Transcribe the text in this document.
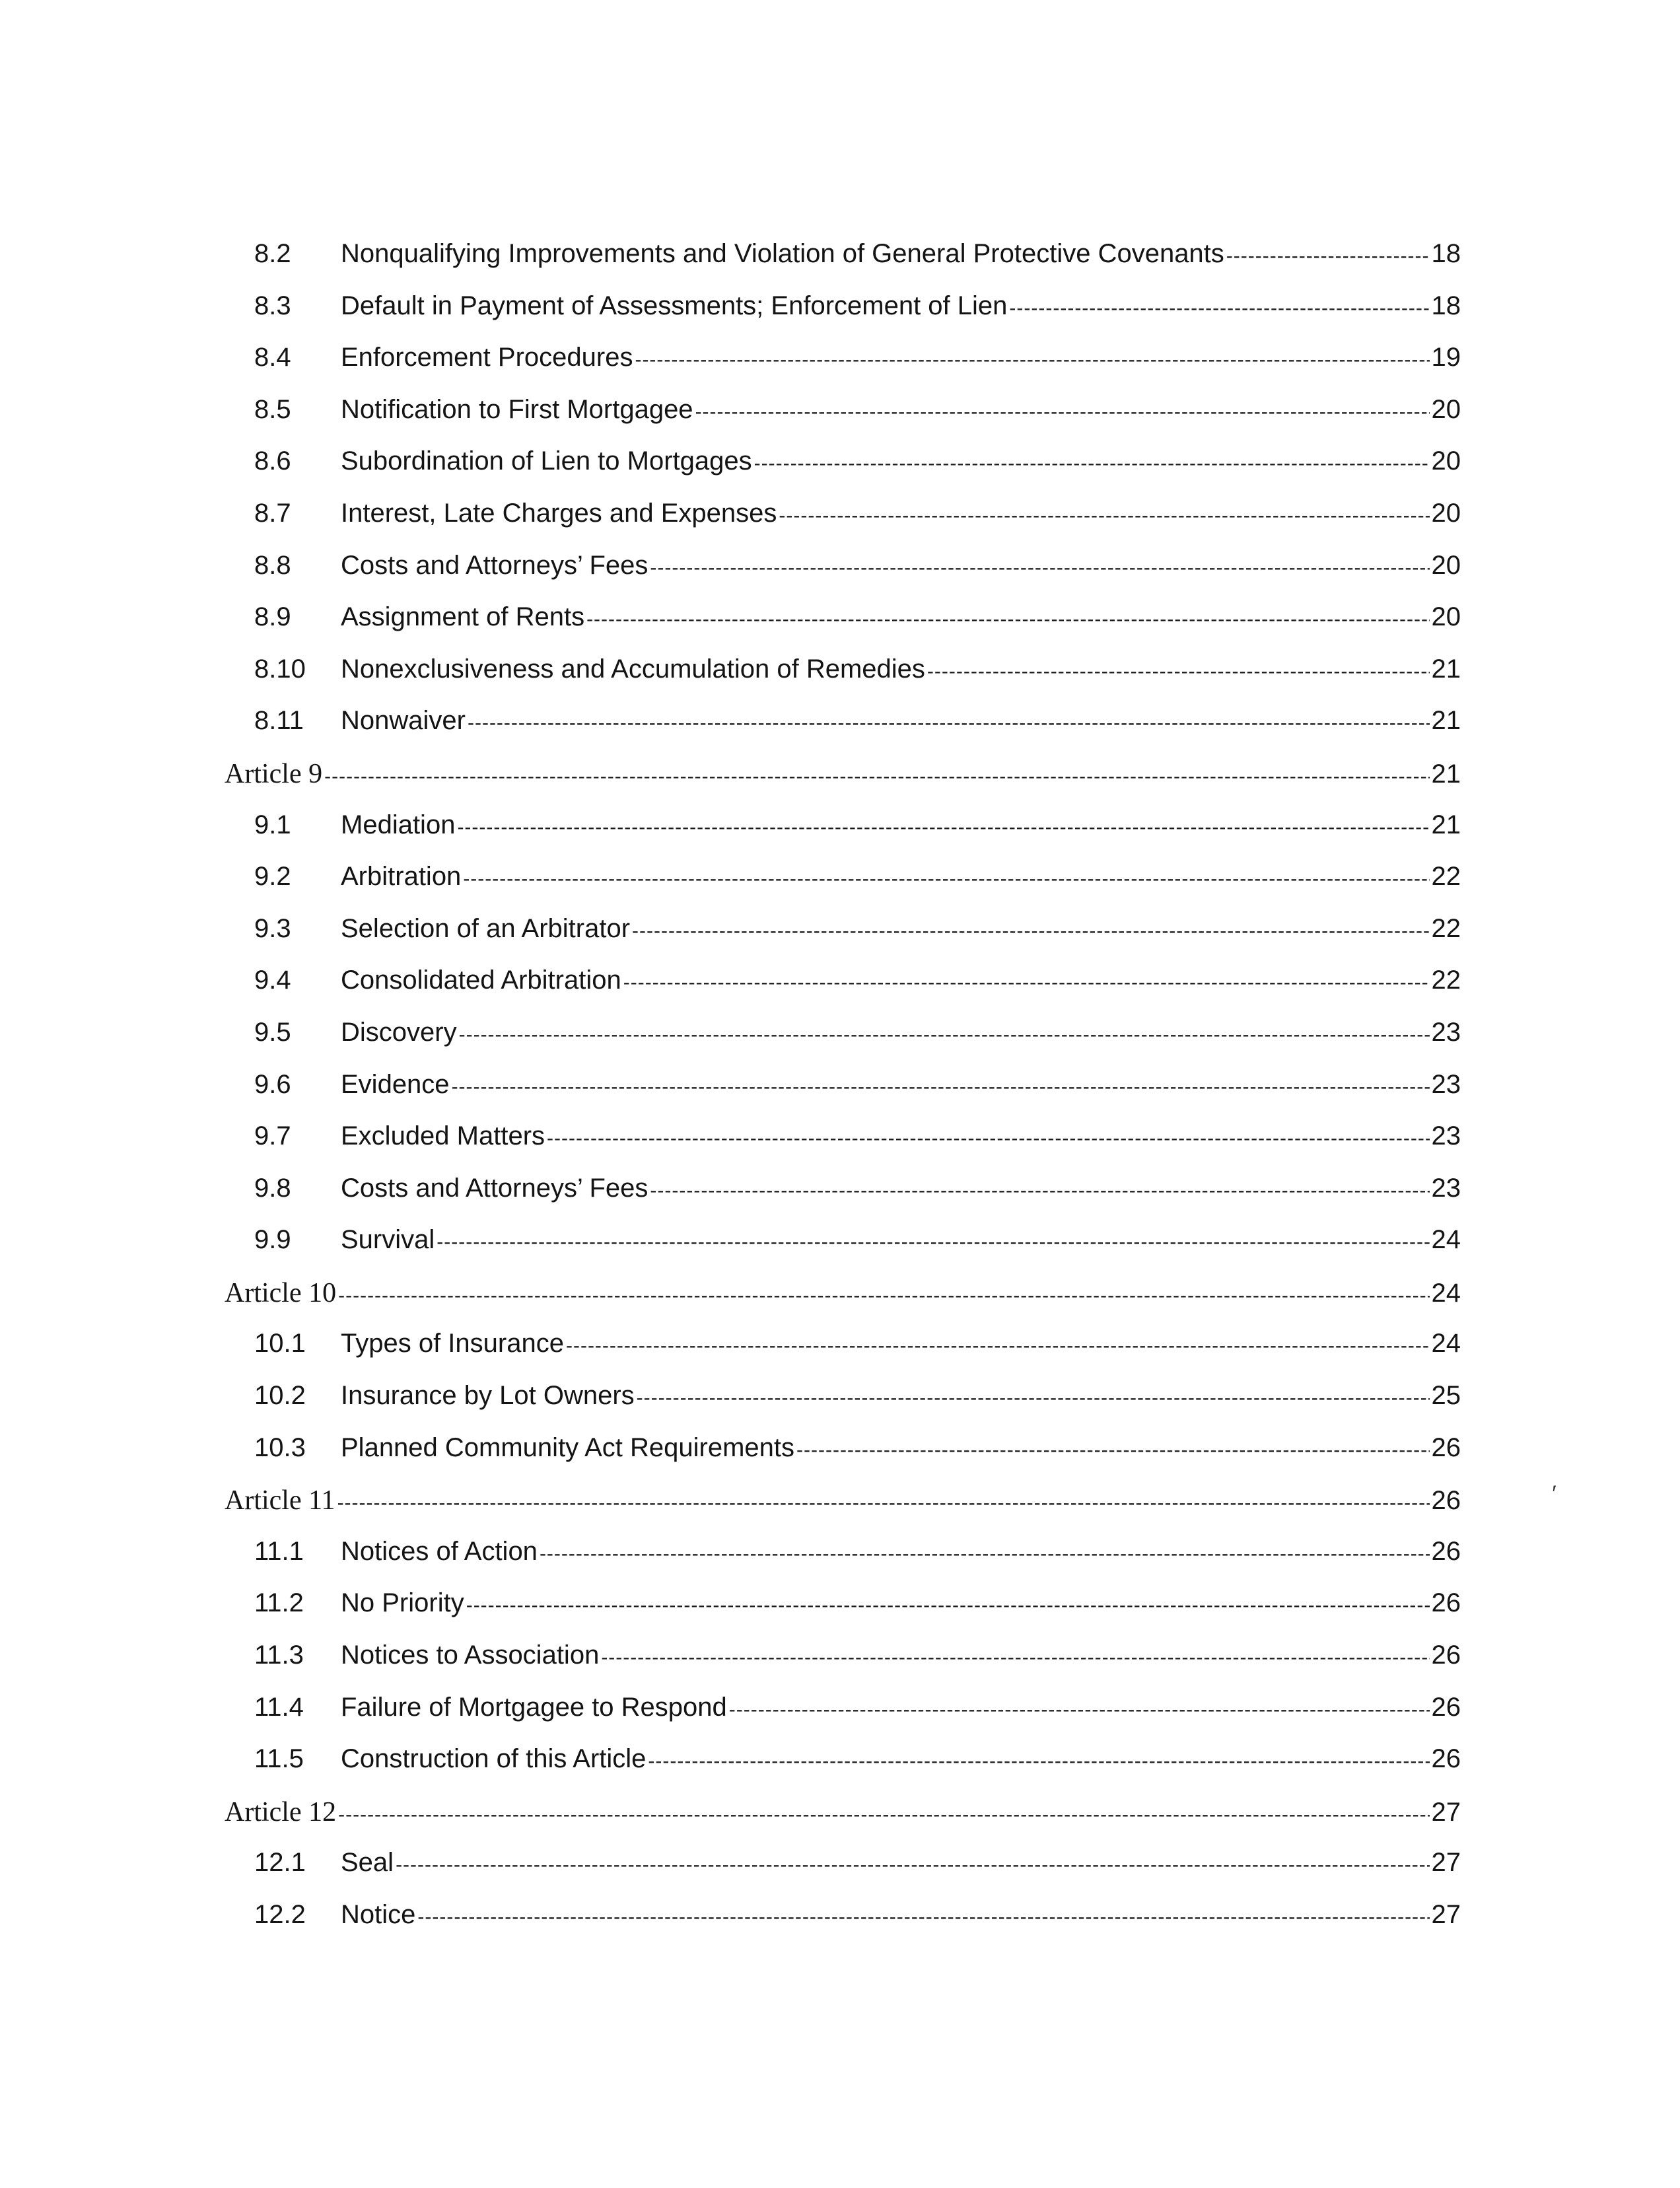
8.2	Nonqualifying Improvements and Violation of General Protective Covenants -----	18
8.3	Default in Payment of Assessments; Enforcement of Lien -----	18
8.4	Enforcement Procedures -----	19
8.5	Notification to First Mortgagee -----	20
8.6	Subordination of Lien to Mortgages -----	20
8.7	Interest, Late Charges and Expenses -----	20
8.8	Costs and Attorneys’ Fees -----	20
8.9	Assignment of Rents -----	20
8.10	Nonexclusiveness and Accumulation of Remedies -----	21
8.11	Nonwaiver -----	21
Article 9 -----	21
9.1	Mediation -----	21
9.2	Arbitration -----	22
9.3	Selection of an Arbitrator -----	22
9.4	Consolidated Arbitration -----	22
9.5	Discovery -----	23
9.6	Evidence -----	23
9.7	Excluded Matters -----	23
9.8	Costs and Attorneys’ Fees -----	23
9.9	Survival -----	24
Article 10 -----	24
10.1	Types of Insurance -----	24
10.2	Insurance by Lot Owners -----	25
10.3	Planned Community Act Requirements -----	26
Article 11 -----	26
11.1	Notices of Action -----	26
11.2	No Priority -----	26
11.3	Notices to Association -----	26
11.4	Failure of Mortgagee to Respond -----	26
11.5	Construction of this Article -----	26
Article 12 -----	27
12.1	Seal -----	27
12.2	Notice -----	27
′
